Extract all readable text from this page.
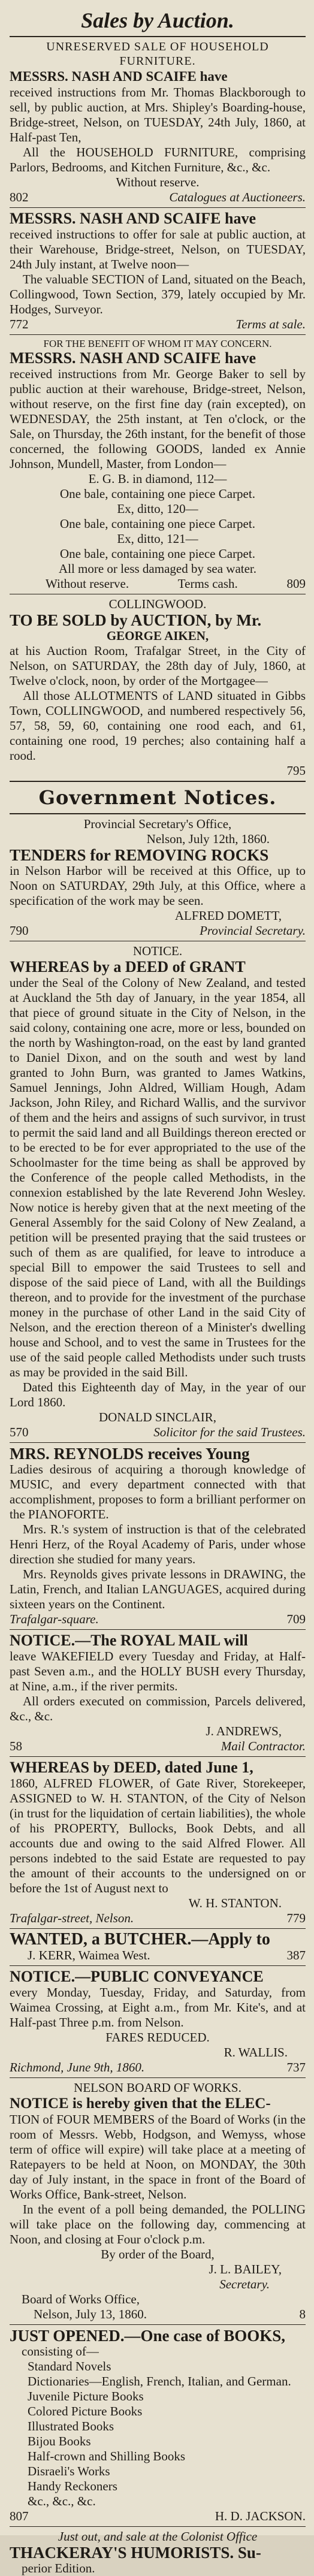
Sales by Auction.
UNRESERVED SALE OF HOUSEHOLD FURNITURE.
MESSRS. NASH AND SCAIFE have

received instructions from Mr. Thomas Blackborough to sell, by public auction, at Mrs. Shipley's Boarding-house, Bridge-street, Nelson, on TUESDAY, 24th July, 1860, at Half-past Ten,

All the HOUSEHOLD FURNITURE, comprising Parlors, Bedrooms, and Kitchen Furniture, &c., &c.

Without reserve.
802	Catalogues at Auctioneers.
MESSRS. NASH AND SCAIFE have

received instructions to offer for sale at public auction, at their Warehouse, Bridge-street, Nelson, on TUESDAY, 24th July instant, at Twelve noon—

The valuable SECTION of Land, situated on the Beach, Collingwood, Town Section, 379, lately occupied by Mr. Hodges, Surveyor.

772	Terms at sale.
FOR THE BENEFIT OF WHOM IT MAY CONCERN.
MESSRS. NASH AND SCAIFE have

received instructions from Mr. George Baker to sell by public auction at their warehouse, Bridge-street, Nelson, without reserve, on the first fine day (rain excepted), on WEDNESDAY, the 25th instant, at Ten o'clock, or the Sale, on Thursday, the 26th instant, for the benefit of those concerned, the following GOODS, landed ex Annie Johnson, Mundell, Master, from London—

E. G. B. in diamond, 112—
One bale, containing one piece Carpet.
Ex, ditto, 120—
One bale, containing one piece Carpet.
Ex, ditto, 121—
One bale, containing one piece Carpet.
All more or less damaged by sea water.
Without reserve.	Terms cash.	809
COLLINGWOOD.
TO BE SOLD by AUCTION, by Mr.
GEORGE AIKEN,

at his Auction Room, Trafalgar Street, in the City of Nelson, on SATURDAY, the 28th day of July, 1860, at Twelve o'clock, noon, by order of the Mortgagee—

All those ALLOTMENTS of LAND situated in Gibbs Town, COLLINGWOOD, and numbered respectively 56, 57, 58, 59, 60, containing one rood each, and 61, containing one rood, 19 perches; also containing half a rood.

795
Government Notices.
Provincial Secretary's Office,
Nelson, July 12th, 1860.
TENDERS for REMOVING ROCKS

in Nelson Harbor will be received at this Office, up to Noon on SATURDAY, 29th July, at this Office, where a specification of the work may be seen.

ALFRED DOMETT,
790	Provincial Secretary.
NOTICE.
WHEREAS by a DEED of GRANT

under the Seal of the Colony of New Zealand, and tested at Auckland the 5th day of January, in the year 1854, all that piece of ground situate in the City of Nelson, in the said colony, containing one acre, more or less, bounded on the north by Washington-road, on the east by land granted to Daniel Dixon, and on the south and west by land granted to John Burn, was granted to James Watkins, Samuel Jennings, John Aldred, William Hough, Adam Jackson, John Riley, and Richard Wallis, and the survivor of them and the heirs and assigns of such survivor, in trust to permit the said land and all Buildings thereon erected or to be erected to be for ever appropriated to the use of the Schoolmaster for the time being as shall be approved by the Conference of the people called Methodists, in the connexion established by the late Reverend John Wesley. Now notice is hereby given that at the next meeting of the General Assembly for the said Colony of New Zealand, a petition will be presented praying that the said trustees or such of them as are qualified, for leave to introduce a special Bill to empower the said Trustees to sell and dispose of the said piece of Land, with all the Buildings thereon, and to provide for the investment of the purchase money in the purchase of other Land in the said City of Nelson, and the erection thereon of a Minister's dwelling house and School, and to vest the same in Trustees for the use of the said people called Methodists under such trusts as may be provided in the said Bill.

Dated this Eighteenth day of May, in the year of our Lord 1860.

DONALD SINCLAIR,
570	Solicitor for the said Trustees.
MRS. REYNOLDS receives Young

Ladies desirous of acquiring a thorough knowledge of MUSIC, and every department connected with that accomplishment, proposes to form a brilliant performer on the PIANOFORTE.

Mrs. R.'s system of instruction is that of the celebrated Henri Herz, of the Royal Academy of Paris, under whose direction she studied for many years.

Mrs. Reynolds gives private lessons in DRAWING, the Latin, French, and Italian LANGUAGES, acquired during sixteen years on the Continent.

Trafalgar-square.	709
NOTICE.—The ROYAL MAIL will

leave WAKEFIELD every Tuesday and Friday, at Half-past Seven a.m., and the HOLLY BUSH every Thursday, at Nine, a.m., if the river permits.

All orders executed on commission, Parcels delivered, &c., &c.

J. ANDREWS,
58	Mail Contractor.
WHEREAS by DEED, dated June 1,

1860, ALFRED FLOWER, of Gate River, Storekeeper, ASSIGNED to W. H. STANTON, of the City of Nelson (in trust for the liquidation of certain liabilities), the whole of his PROPERTY, Bullocks, Book Debts, and all accounts due and owing to the said Alfred Flower. All persons indebted to the said Estate are requested to pay the amount of their accounts to the undersigned on or before the 1st of August next to

W. H. STANTON.
Trafalgar-street, Nelson.	779
WANTED, a BUTCHER.—Apply to
J. KERR, Waimea West.	387
NOTICE.—PUBLIC CONVEYANCE

every Monday, Tuesday, Friday, and Saturday, from Waimea Crossing, at Eight a.m., from Mr. Kite's, and at Half-past Three p.m. from Nelson.

FARES REDUCED.
R. WALLIS.
Richmond, June 9th, 1860.	737
NELSON BOARD OF WORKS.
NOTICE is hereby given that the ELEC-

TION of FOUR MEMBERS of the Board of Works (in the room of Messrs. Webb, Hodgson, and Wemyss, whose term of office will expire) will take place at a meeting of Ratepayers to be held at Noon, on MONDAY, the 30th day of July instant, in the space in front of the Board of Works Office, Bank-street, Nelson.

In the event of a poll being demanded, the POLLING will take place on the following day, commencing at Noon, and closing at Four o'clock p.m.

By order of the Board,
J. L. BAILEY,
Secretary.
Board of Works Office,
Nelson, July 13, 1860.	8
JUST OPENED.—One case of BOOKS,
consisting of—
Standard Novels
Dictionaries—English, French, Italian, and German.
Juvenile Picture Books
Colored Picture Books
Illustrated Books
Bijou Books
Half-crown and Shilling Books
Disraeli's Works
Handy Reckoners
&c., &c., &c.
807	H. D. JACKSON.
Just out, and sale at the Colonist Office
THACKERAY'S HUMORISTS. Su-
perior Edition.
